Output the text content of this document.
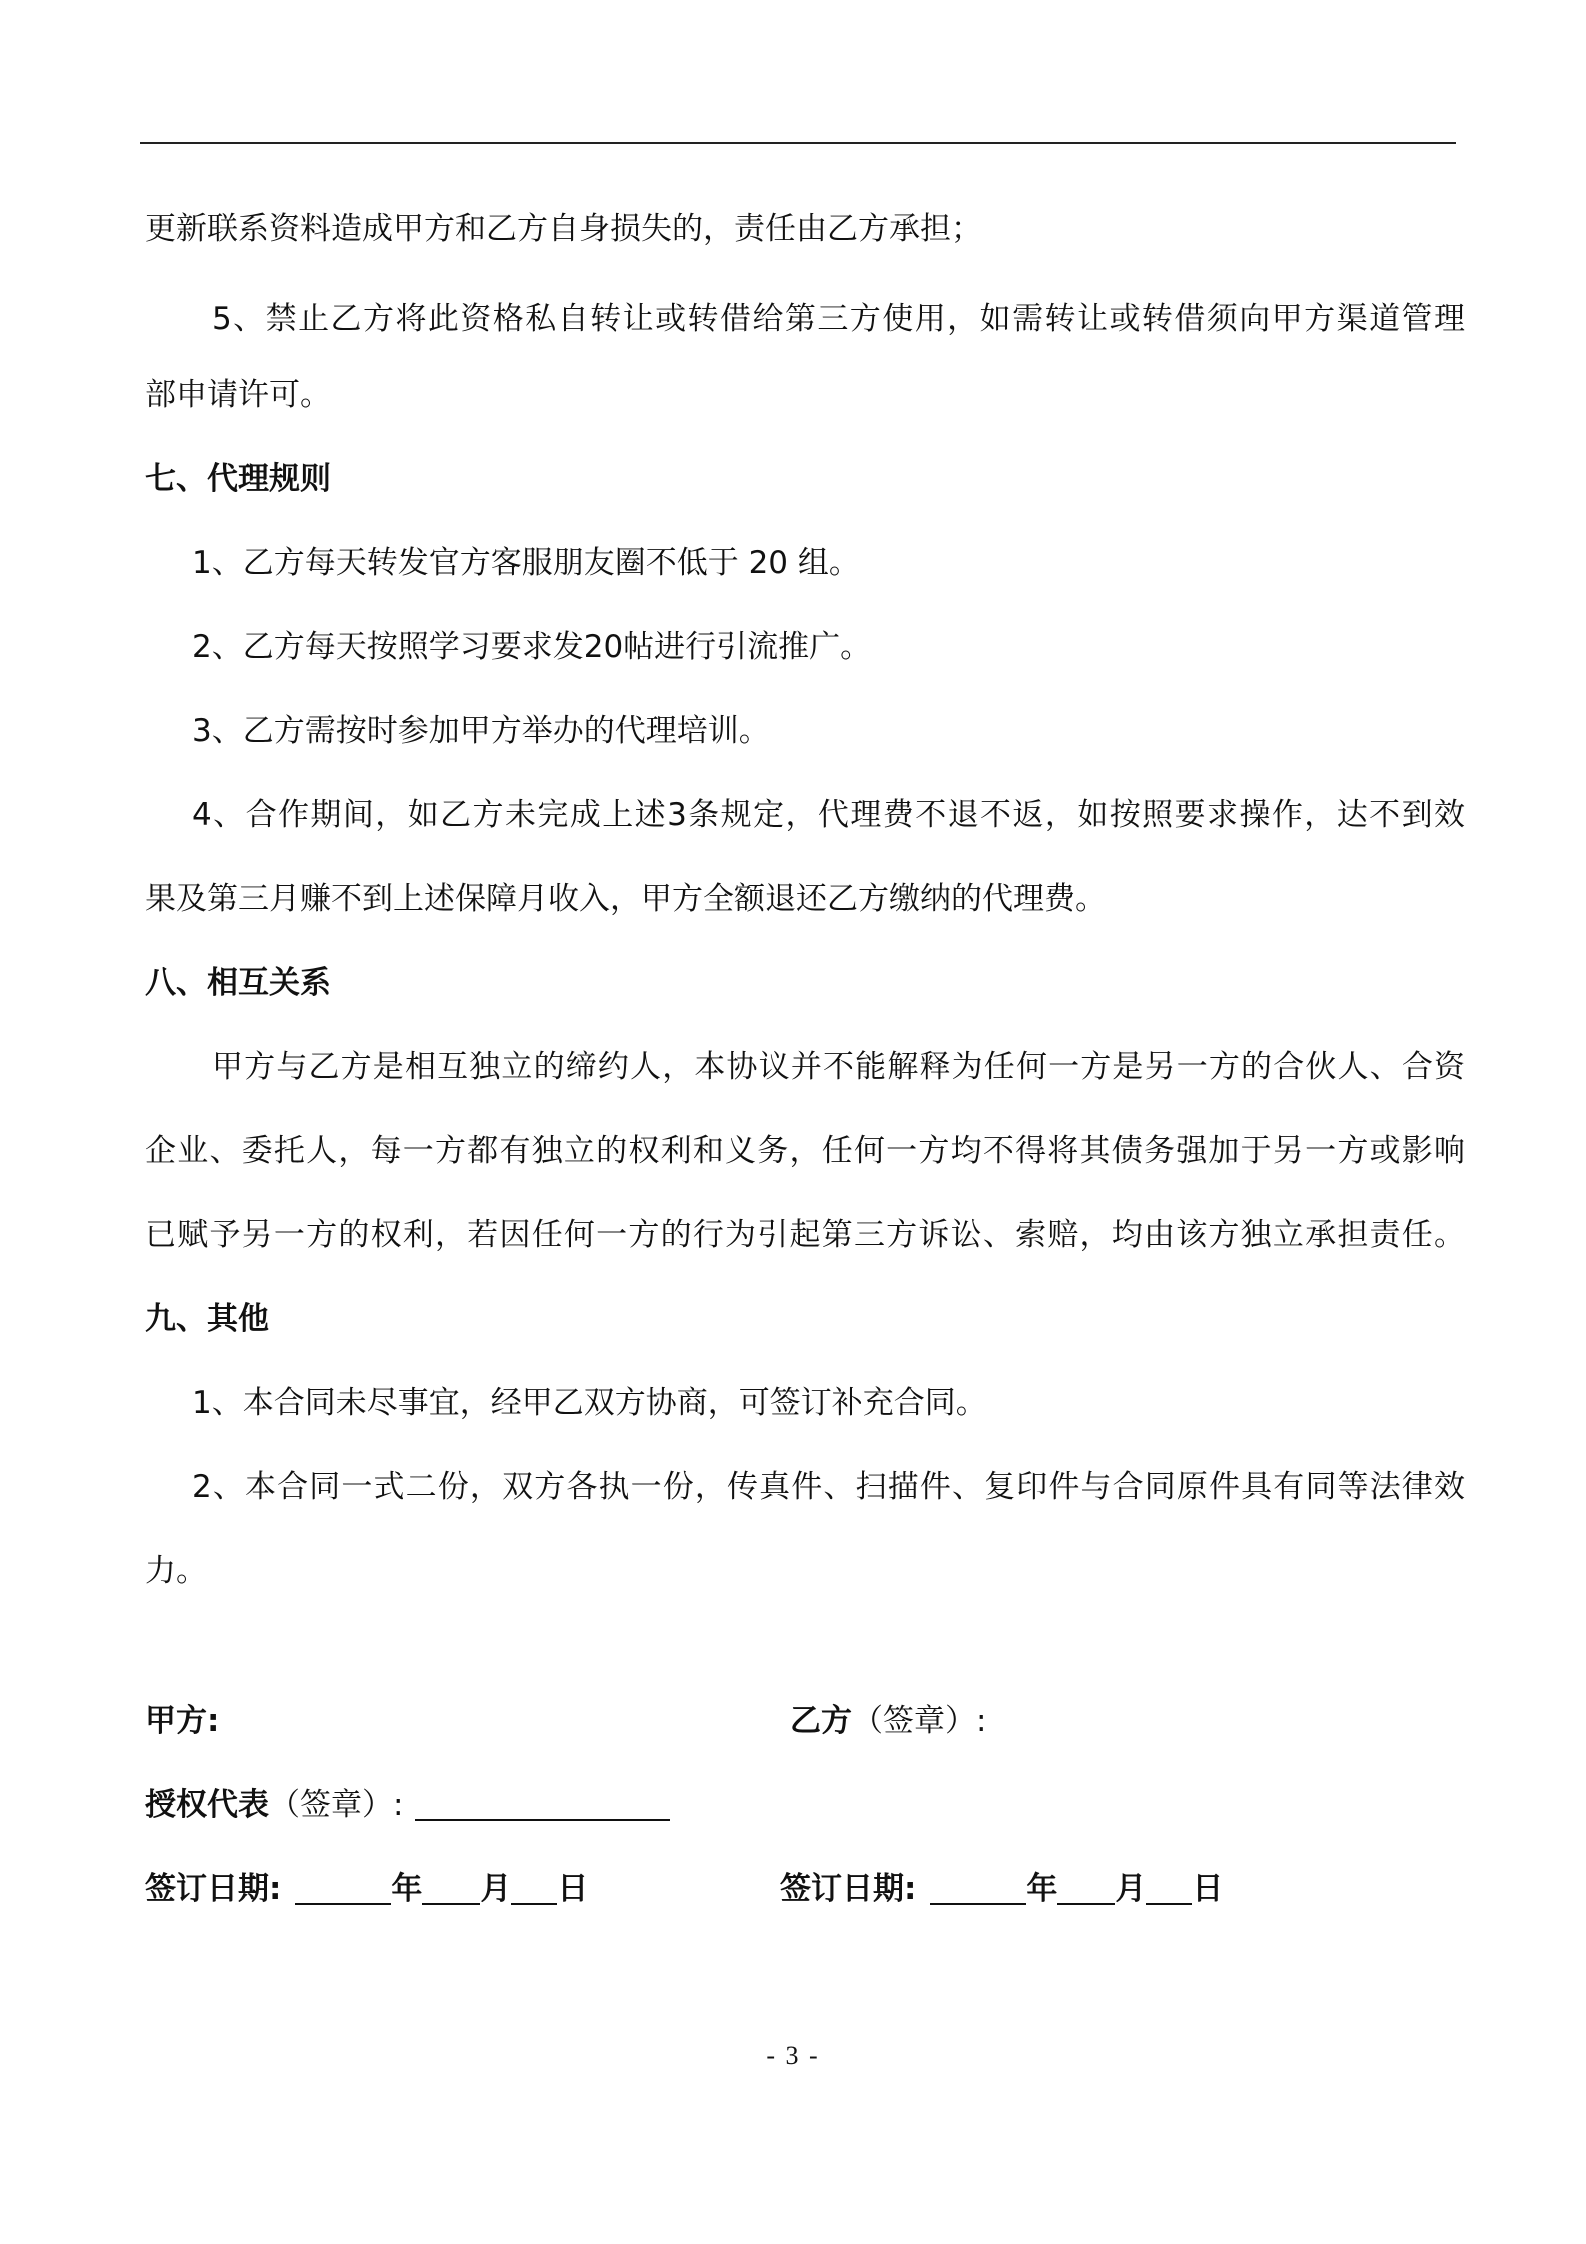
更新联系资料造成甲方和乙方自身损失的，责任由乙方承担；
5、禁止乙方将此资格私自转让或转借给第三方使用，如需转让或转借须向甲方渠道管理
部申请许可。
七、代理规则
1、乙方每天转发官方客服朋友圈不低于 20 组。
2、乙方每天按照学习要求发20帖进行引流推广。
3、乙方需按时参加甲方举办的代理培训。
4、合作期间，如乙方未完成上述3条规定，代理费不退不返，如按照要求操作，达不到效
果及第三月赚不到上述保障月收入，甲方全额退还乙方缴纳的代理费。
八、相互关系
甲方与乙方是相互独立的缔约人，本协议并不能解释为任何一方是另一方的合伙人、合资
企业、委托人，每一方都有独立的权利和义务，任何一方均不得将其债务强加于另一方或影响
已赋予另一方的权利，若因任何一方的行为引起第三方诉讼、索赔，均由该方独立承担责任。
九、其他
1、本合同未尽事宜，经甲乙双方协商，可签订补充合同。
2、本合同一式二份，双方各执一份，传真件、扫描件、复印件与合同原件具有同等法律效
力。
甲方:	乙方（签章）:
授权代表（签章）:
签订日期:	年 月 日	签订日期:	年 月 日
- 3 -
